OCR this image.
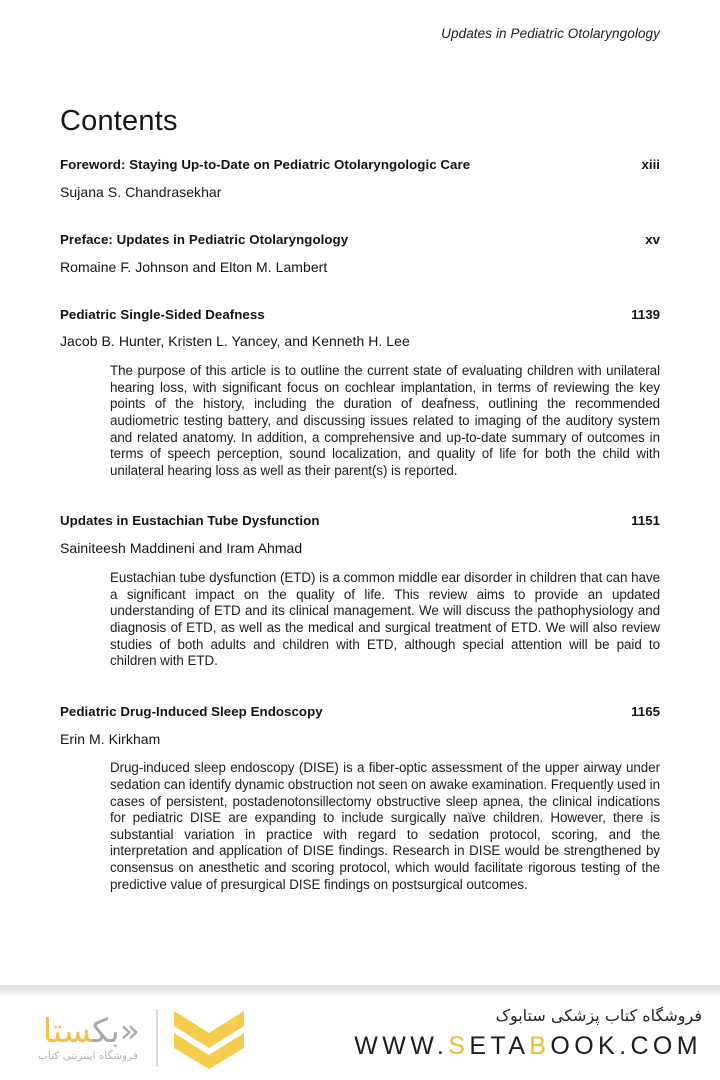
Updates in Pediatric Otolaryngology
Contents
Foreword: Staying Up-to-Date on Pediatric Otolaryngologic Care	xiii
Sujana S. Chandrasekhar
Preface: Updates in Pediatric Otolaryngology	xv
Romaine F. Johnson and Elton M. Lambert
Pediatric Single-Sided Deafness	1139
Jacob B. Hunter, Kristen L. Yancey, and Kenneth H. Lee
The purpose of this article is to outline the current state of evaluating children with unilateral hearing loss, with significant focus on cochlear implantation, in terms of reviewing the key points of the history, including the duration of deafness, outlining the recommended audiometric testing battery, and discussing issues related to imaging of the auditory system and related anatomy. In addition, a comprehensive and up-to-date summary of outcomes in terms of speech perception, sound localization, and quality of life for both the child with unilateral hearing loss as well as their parent(s) is reported.
Updates in Eustachian Tube Dysfunction	1151
Sainiteesh Maddineni and Iram Ahmad
Eustachian tube dysfunction (ETD) is a common middle ear disorder in children that can have a significant impact on the quality of life. This review aims to provide an updated understanding of ETD and its clinical management. We will discuss the pathophysiology and diagnosis of ETD, as well as the medical and surgical treatment of ETD. We will also review studies of both adults and children with ETD, although special attention will be paid to children with ETD.
Pediatric Drug-Induced Sleep Endoscopy	1165
Erin M. Kirkham
Drug-induced sleep endoscopy (DISE) is a fiber-optic assessment of the upper airway under sedation can identify dynamic obstruction not seen on awake examination. Frequently used in cases of persistent, postadenotonsillectomy obstructive sleep apnea, the clinical indications for pediatric DISE are expanding to include surgically naïve children. However, there is substantial variation in practice with regard to sedation protocol, scoring, and the interpretation and application of DISE findings. Research in DISE would be strengthened by consensus on anesthetic and scoring protocol, which would facilitate rigorous testing of the predictive value of presurgical DISE findings on postsurgical outcomes.
«بکستا
فروشگاه اینترنتی کتاب
فروشگاه کتاب پزشکی ستابوک
WWW.SETABOOK.COM
